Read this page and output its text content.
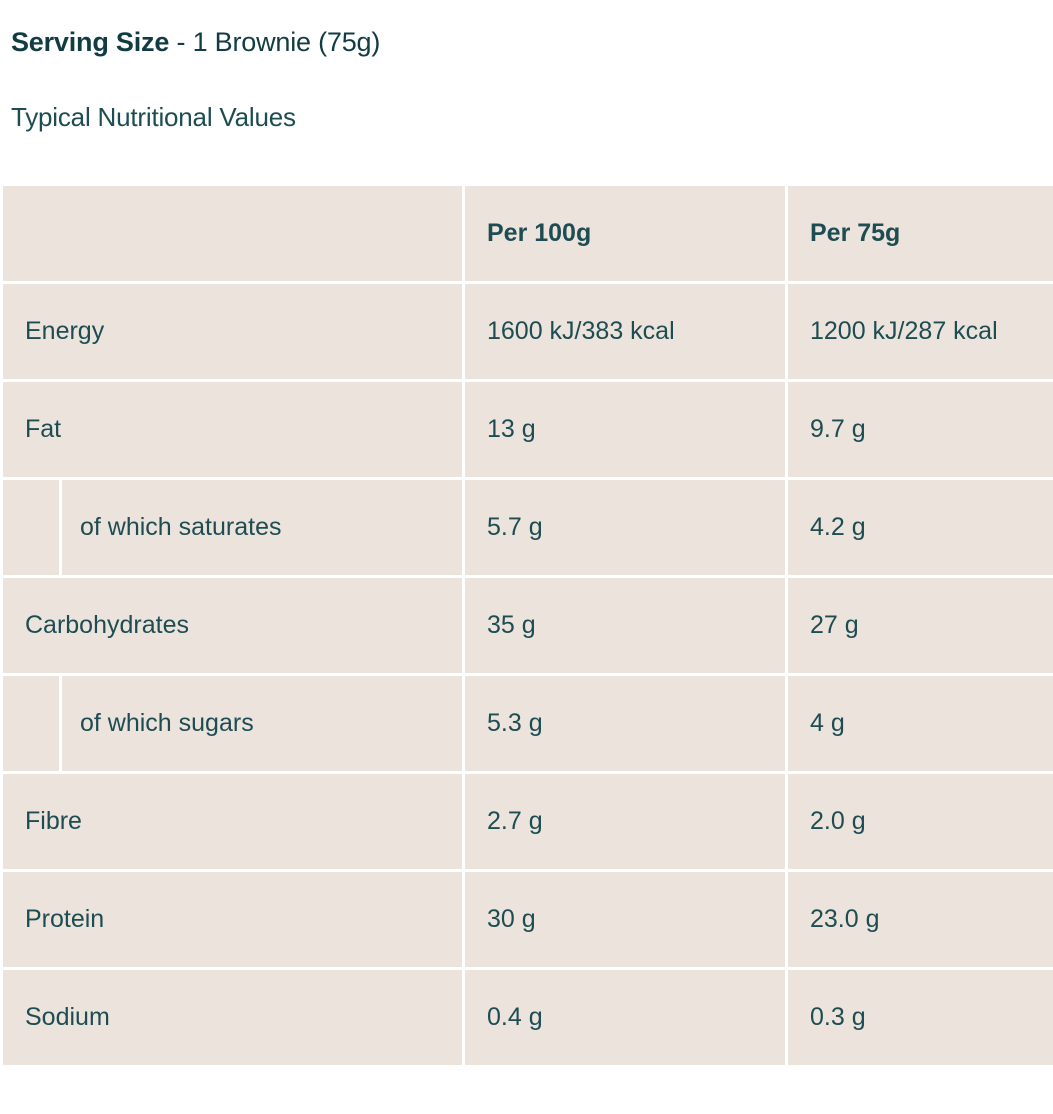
Serving Size - 1 Brownie (75g)
Typical Nutritional Values
		Per 100g	Per 75g
Energy		1600 kJ/383 kcal	1200 kJ/287 kcal
Fat		13 g	9.7 g
	of which saturates	5.7 g	4.2 g
Carbohydrates		35 g	27 g
	of which sugars	5.3 g	4 g
Fibre		2.7 g	2.0 g
Protein		30 g	23.0 g
Sodium		0.4 g	0.3 g
